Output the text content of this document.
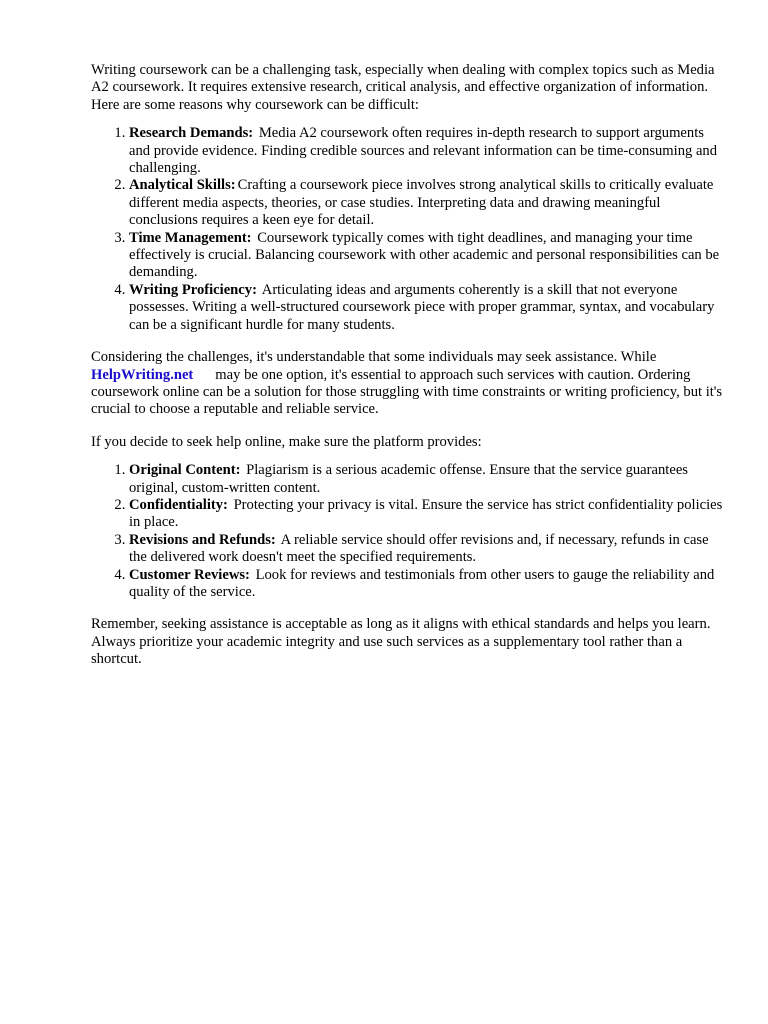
Writing coursework can be a challenging task, especially when dealing with complex topics such as Media A2 coursework. It requires extensive research, critical analysis, and effective organization of information. Here are some reasons why coursework can be difficult:

1. Research Demands: Media A2 coursework often requires in-depth research to support arguments and provide evidence. Finding credible sources and relevant information can be time-consuming and challenging.
2. Analytical Skills: Crafting a coursework piece involves strong analytical skills to critically evaluate different media aspects, theories, or case studies. Interpreting data and drawing meaningful conclusions requires a keen eye for detail.
3. Time Management: Coursework typically comes with tight deadlines, and managing your time effectively is crucial. Balancing coursework with other academic and personal responsibilities can be demanding.
4. Writing Proficiency: Articulating ideas and arguments coherently is a skill that not everyone possesses. Writing a well-structured coursework piece with proper grammar, syntax, and vocabulary can be a significant hurdle for many students.

Considering the challenges, it's understandable that some individuals may seek assistance. While HelpWriting.net may be one option, it's essential to approach such services with caution. Ordering coursework online can be a solution for those struggling with time constraints or writing proficiency, but it's crucial to choose a reputable and reliable service.

If you decide to seek help online, make sure the platform provides:

1. Original Content: Plagiarism is a serious academic offense. Ensure that the service guarantees original, custom-written content.
2. Confidentiality: Protecting your privacy is vital. Ensure the service has strict confidentiality policies in place.
3. Revisions and Refunds: A reliable service should offer revisions and, if necessary, refunds in case the delivered work doesn't meet the specified requirements.
4. Customer Reviews: Look for reviews and testimonials from other users to gauge the reliability and quality of the service.

Remember, seeking assistance is acceptable as long as it aligns with ethical standards and helps you learn. Always prioritize your academic integrity and use such services as a supplementary tool rather than a shortcut.
